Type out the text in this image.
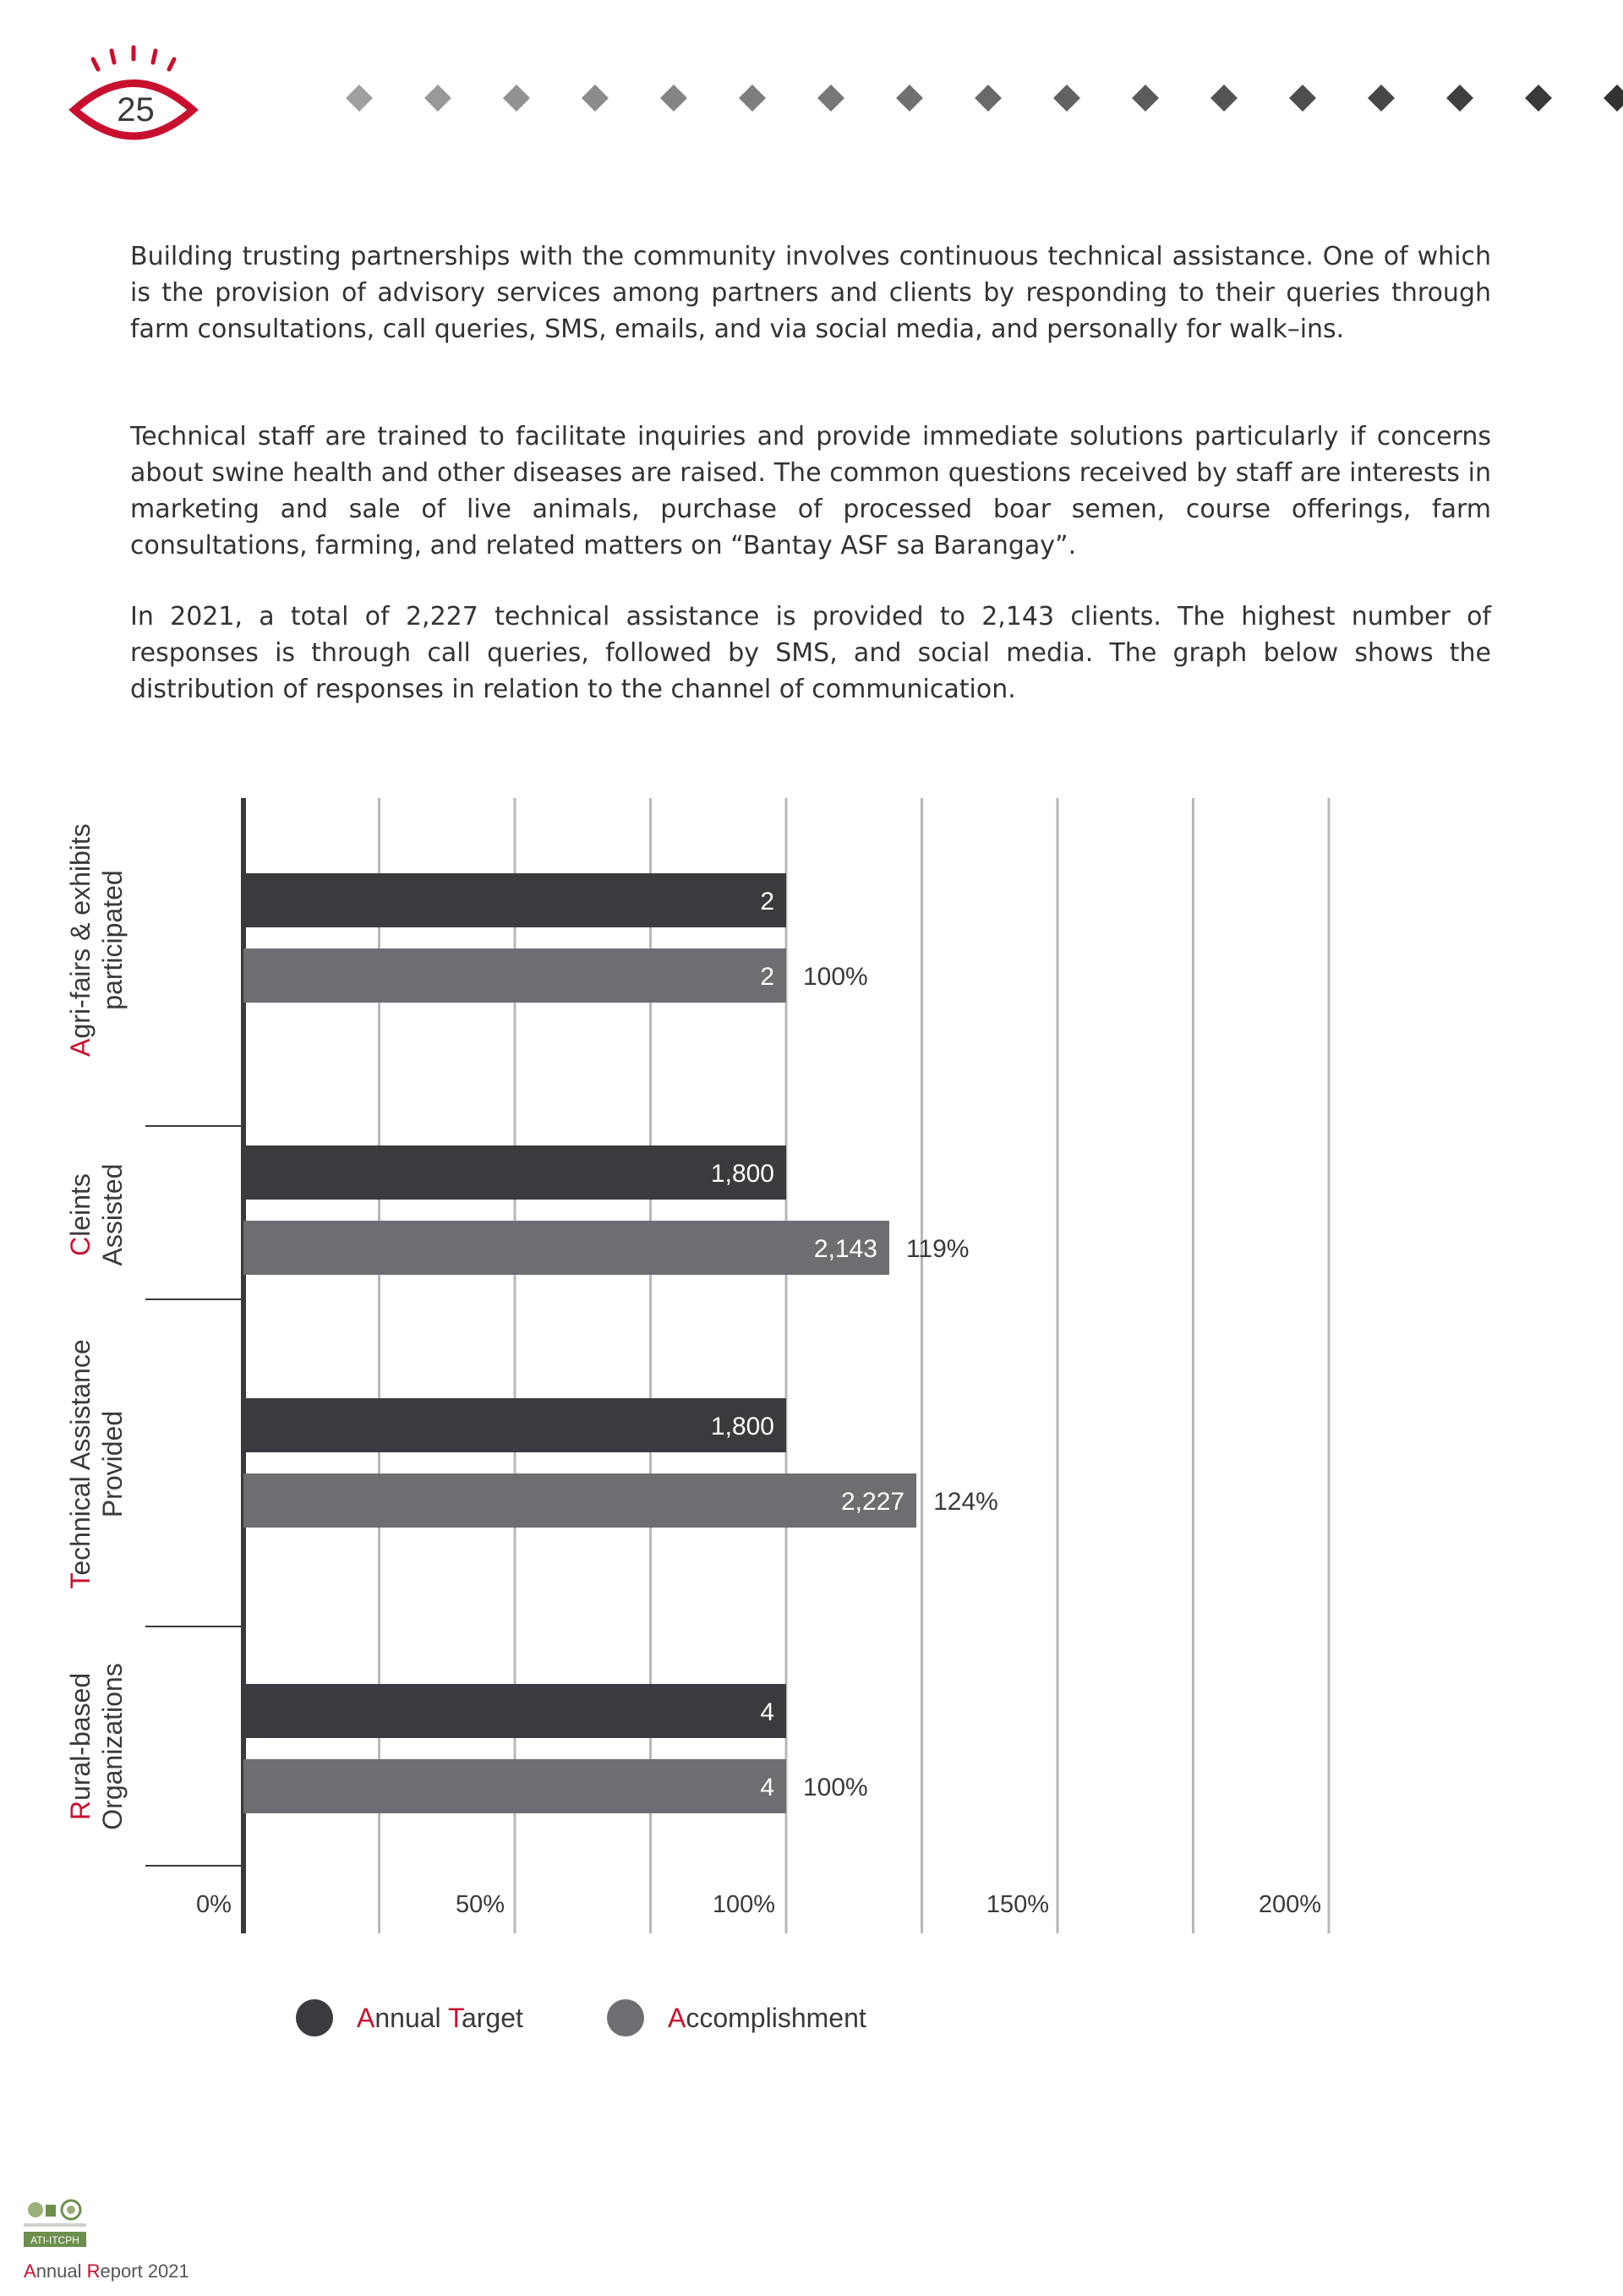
25

Building trusting partnerships with the community involves continuous technical assistance. One of which is the provision of advisory services among partners and clients by responding to their queries through farm consultations, call queries, SMS, emails, and via social media, and personally for walk–ins.

Technical staff are trained to facilitate inquiries and provide immediate solutions particularly if concerns about swine health and other diseases are raised. The common questions received by staff are interests in marketing and sale of live animals, purchase of processed boar semen, course offerings, farm consultations, farming, and related matters on “Bantay ASF sa Barangay”.

In 2021, a total of 2,227 technical assistance is provided to 2,143 clients. The highest number of responses is through call queries, followed by SMS, and social media. The graph below shows the distribution of responses in relation to the channel of communication.

2
2 100%
1,800
2,143 119%
1,800
2,227 124%
4
4 100%
Agri-fairs & exhibits participated
Cleints Assisted
Technical Assistance Provided
Rural-based Organizations
0%	50%	100%	150%	200%
Annual Target	Accomplishment
ATI-ITCPH
Annual Report 2021
